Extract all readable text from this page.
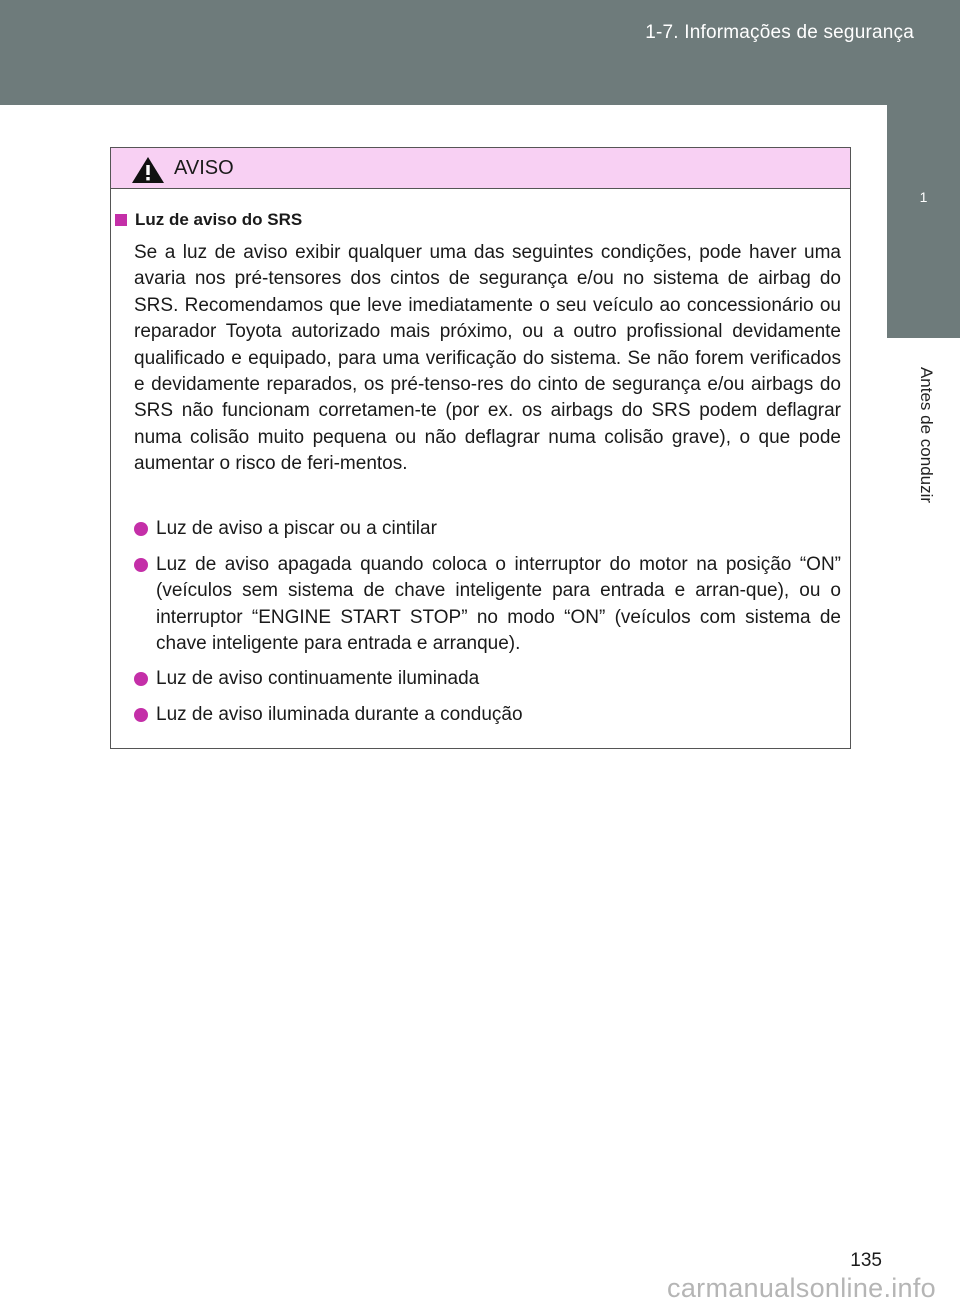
1-7. Informações de segurança
1
Antes de conduzir
AVISO
Luz de aviso do SRS

Se a luz de aviso exibir qualquer uma das seguintes condições, pode haver uma avaria nos pré-tensores dos cintos de segurança e/ou no sistema de airbag do SRS. Recomendamos que leve imediatamente o seu veículo ao concessionário ou reparador Toyota autorizado mais próximo, ou a outro profissional devidamente qualificado e equipado, para uma verificação do sistema. Se não forem verificados e devidamente reparados, os pré-tenso-res do cinto de segurança e/ou airbags do SRS não funcionam corretamen-te (por ex. os airbags do SRS podem deflagrar numa colisão muito pequena ou não deflagrar numa colisão grave), o que pode aumentar o risco de feri-mentos.

Luz de aviso a piscar ou a cintilar
Luz de aviso apagada quando coloca o interruptor do motor na posição “ON” (veículos sem sistema de chave inteligente para entrada e arran-que), ou o interruptor “ENGINE START STOP” no modo “ON” (veículos com sistema de chave inteligente para entrada e arranque).
Luz de aviso continuamente iluminada
Luz de aviso iluminada durante a condução
135
carmanualsonline.info
